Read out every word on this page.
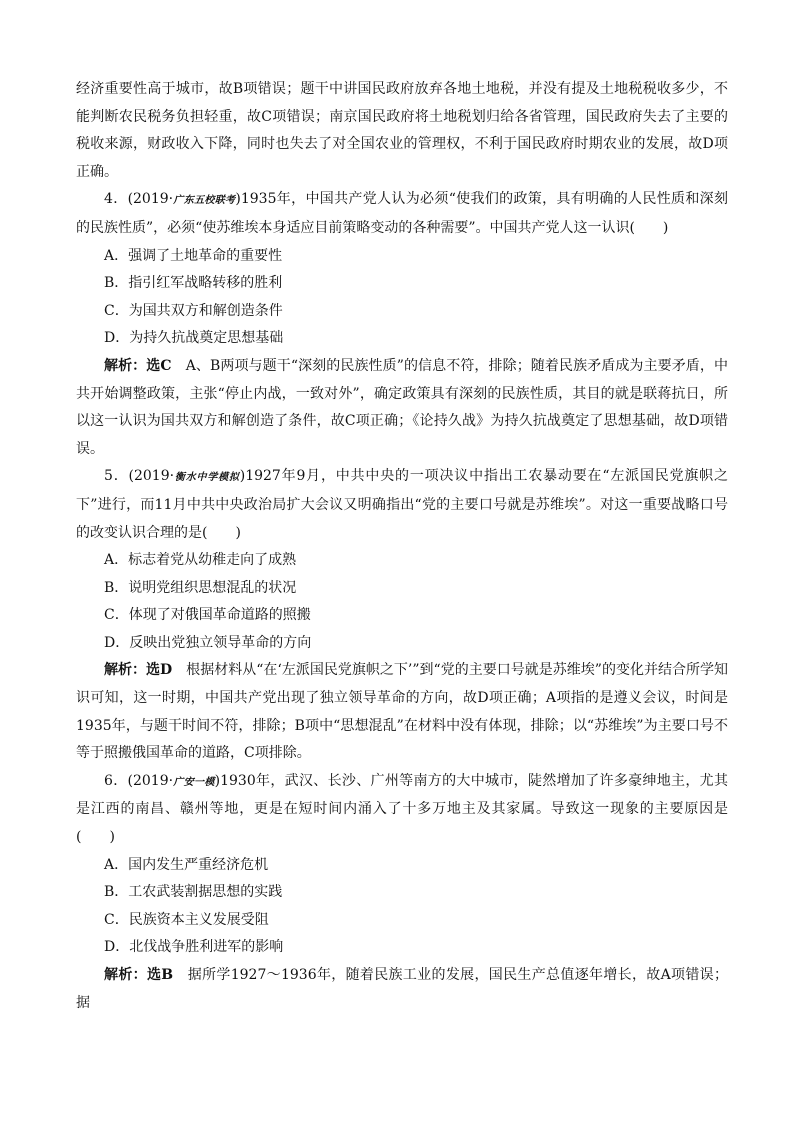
经济重要性高于城市，故B项错误；题干中讲国民政府放弃各地土地税，并没有提及土地税税收多少，不能判断农民税务负担轻重，故C项错误；南京国民政府将土地税划归给各省管理，国民政府失去了主要的税收来源，财政收入下降，同时也失去了对全国农业的管理权，不利于国民政府时期农业的发展，故D项正确。

4．(2019·广东五校联考)1935年，中国共产党人认为必须“使我们的政策，具有明确的人民性质和深刻的民族性质”，必须“使苏维埃本身适应目前策略变动的各种需要”。中国共产党人这一认识(　　)

A．强调了土地革命的重要性

B．指引红军战略转移的胜利

C．为国共双方和解创造条件

D．为持久抗战奠定思想基础

解析：选C　A、B两项与题干“深刻的民族性质”的信息不符，排除；随着民族矛盾成为主要矛盾，中共开始调整政策，主张“停止内战，一致对外”，确定政策具有深刻的民族性质，其目的就是联蒋抗日，所以这一认识为国共双方和解创造了条件，故C项正确；《论持久战》为持久抗战奠定了思想基础，故D项错误。

5．(2019·衡水中学模拟)1927年9月，中共中央的一项决议中指出工农暴动要在“左派国民党旗帜之下”进行，而11月中共中央政治局扩大会议又明确指出“党的主要口号就是苏维埃”。对这一重要战略口号的改变认识合理的是(　　)

A．标志着党从幼稚走向了成熟

B．说明党组织思想混乱的状况

C．体现了对俄国革命道路的照搬

D．反映出党独立领导革命的方向

解析：选D　根据材料从“在‘左派国民党旗帜之下’”到“党的主要口号就是苏维埃”的变化并结合所学知识可知，这一时期，中国共产党出现了独立领导革命的方向，故D项正确；A项指的是遵义会议，时间是1935年，与题干时间不符，排除；B项中“思想混乱”在材料中没有体现，排除；以“苏维埃”为主要口号不等于照搬俄国革命的道路，C项排除。

6．(2019·广安一模)1930年，武汉、长沙、广州等南方的大中城市，陡然增加了许多豪绅地主，尤其是江西的南昌、赣州等地，更是在短时间内涌入了十多万地主及其家属。导致这一现象的主要原因是(　　)

A．国内发生严重经济危机

B．工农武装割据思想的实践

C．民族资本主义发展受阻

D．北伐战争胜利进军的影响

解析：选B　据所学1927～1936年，随着民族工业的发展，国民生产总值逐年增长，故A项错误；据
